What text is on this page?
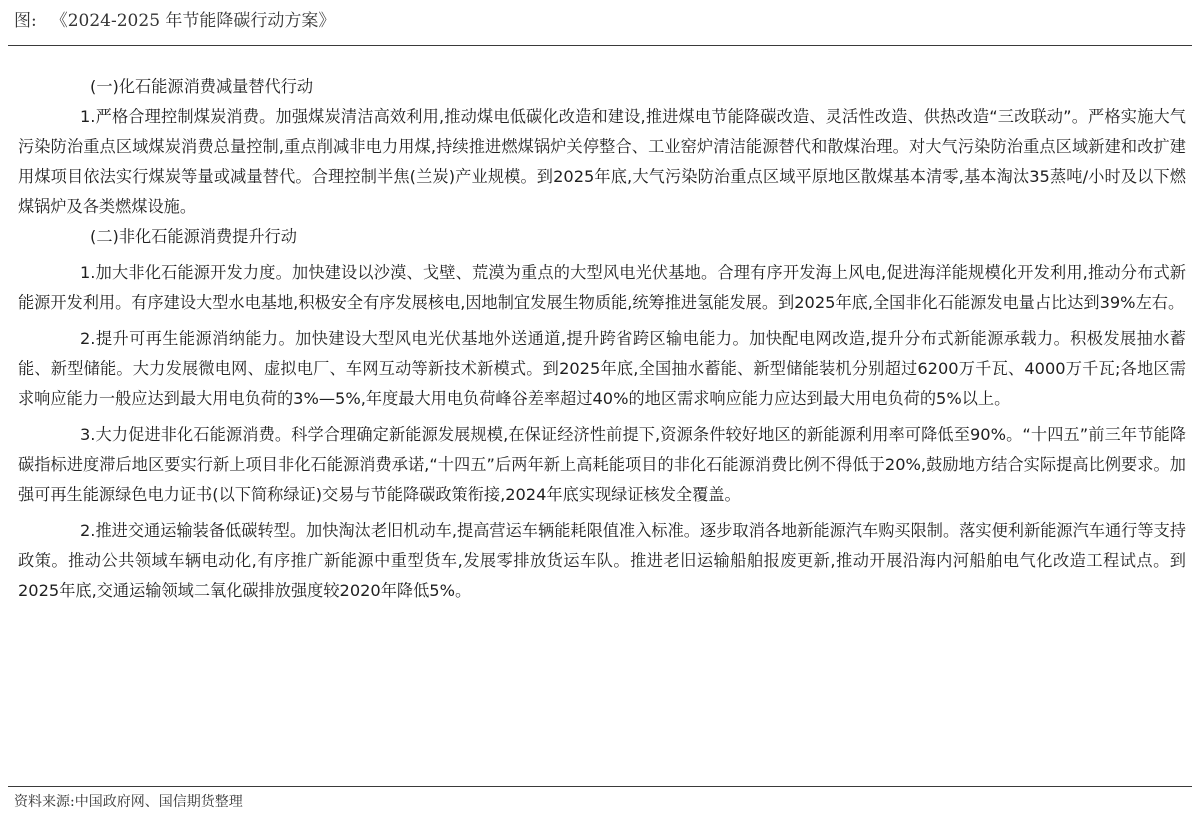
图: 《2024-2025 年节能降碳行动方案》

(一)化石能源消费减量替代行动

1.严格合理控制煤炭消费。加强煤炭清洁高效利用,推动煤电低碳化改造和建设,推进煤电节能降碳改造、灵活性改造、供热改造“三改联动”。严格实施大气污染防治重点区域煤炭消费总量控制,重点削减非电力用煤,持续推进燃煤锅炉关停整合、工业窑炉清洁能源替代和散煤治理。对大气污染防治重点区域新建和改扩建用煤项目依法实行煤炭等量或减量替代。合理控制半焦(兰炭)产业规模。到2025年底,大气污染防治重点区域平原地区散煤基本清零,基本淘汰35蒸吨/小时及以下燃煤锅炉及各类燃煤设施。

(二)非化石能源消费提升行动

1.加大非化石能源开发力度。加快建设以沙漠、戈壁、荒漠为重点的大型风电光伏基地。合理有序开发海上风电,促进海洋能规模化开发利用,推动分布式新能源开发利用。有序建设大型水电基地,积极安全有序发展核电,因地制宜发展生物质能,统筹推进氢能发展。到2025年底,全国非化石能源发电量占比达到39%左右。

2.提升可再生能源消纳能力。加快建设大型风电光伏基地外送通道,提升跨省跨区输电能力。加快配电网改造,提升分布式新能源承载力。积极发展抽水蓄能、新型储能。大力发展微电网、虚拟电厂、车网互动等新技术新模式。到2025年底,全国抽水蓄能、新型储能装机分别超过6200万千瓦、4000万千瓦;各地区需求响应能力一般应达到最大用电负荷的3%—5%,年度最大用电负荷峰谷差率超过40%的地区需求响应能力应达到最大用电负荷的5%以上。

3.大力促进非化石能源消费。科学合理确定新能源发展规模,在保证经济性前提下,资源条件较好地区的新能源利用率可降低至90%。“十四五”前三年节能降碳指标进度滞后地区要实行新上项目非化石能源消费承诺,“十四五”后两年新上高耗能项目的非化石能源消费比例不得低于20%,鼓励地方结合实际提高比例要求。加强可再生能源绿色电力证书(以下简称绿证)交易与节能降碳政策衔接,2024年底实现绿证核发全覆盖。

2.推进交通运输装备低碳转型。加快淘汰老旧机动车,提高营运车辆能耗限值准入标准。逐步取消各地新能源汽车购买限制。落实便利新能源汽车通行等支持政策。推动公共领域车辆电动化,有序推广新能源中重型货车,发展零排放货运车队。推进老旧运输船舶报废更新,推动开展沿海内河船舶电气化改造工程试点。到2025年底,交通运输领域二氧化碳排放强度较2020年降低5%。

资料来源:中国政府网、国信期货整理
